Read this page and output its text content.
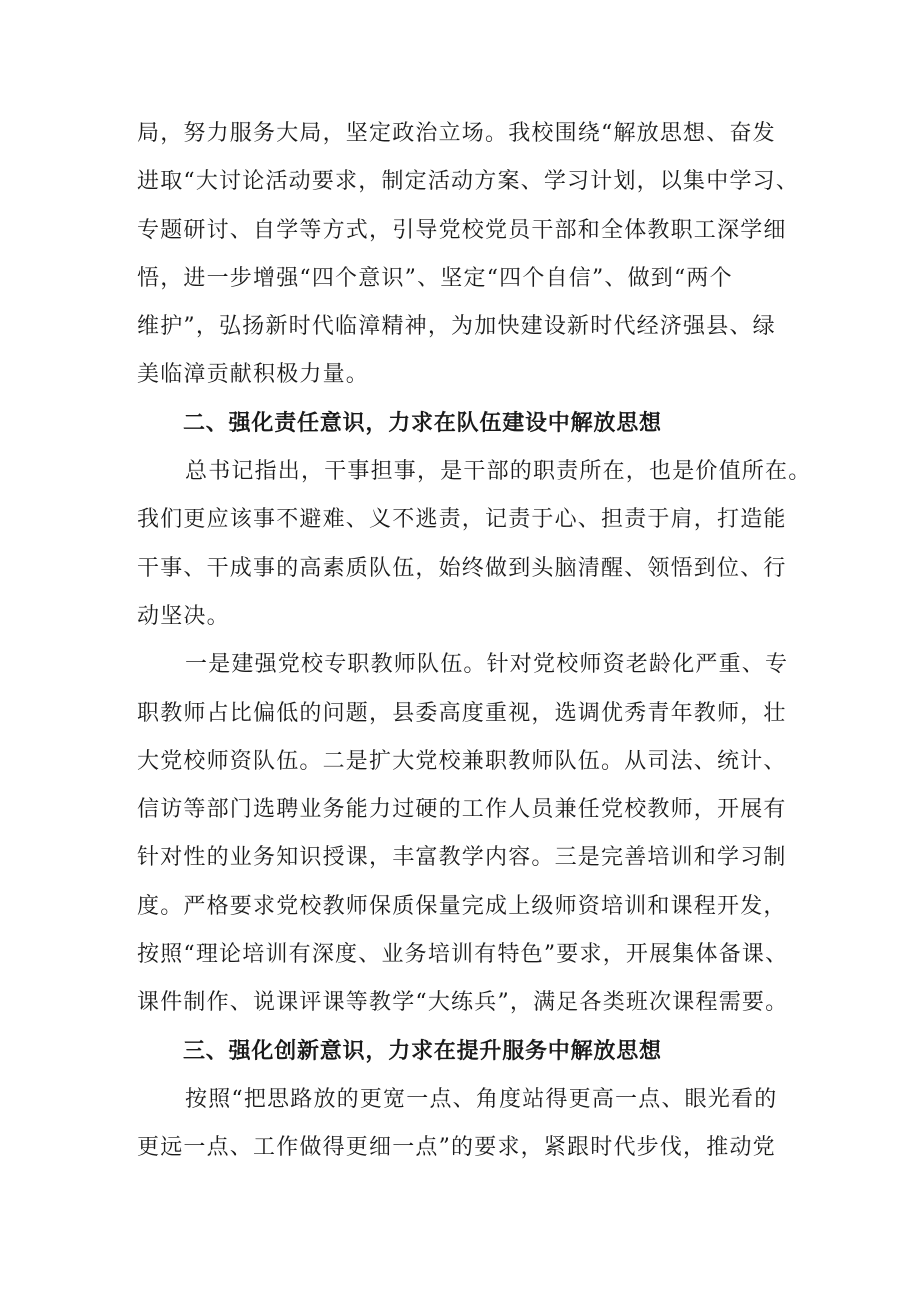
局，努力服务大局，坚定政治立场。我校围绕“解放思想、奋发
进取“大讨论活动要求，制定活动方案、学习计划，以集中学习、
专题研讨、自学等方式，引导党校党员干部和全体教职工深学细
悟，进一步增强“四个意识”、坚定“四个自信”、做到“两个
维护”，弘扬新时代临漳精神，为加快建设新时代经济强县、绿
美临漳贡献积极力量。
二、强化责任意识，力求在队伍建设中解放思想
总书记指出，干事担事，是干部的职责所在，也是价值所在。
我们更应该事不避难、义不逃责，记责于心、担责于肩，打造能
干事、干成事的高素质队伍，始终做到头脑清醒、领悟到位、行
动坚决。
一是建强党校专职教师队伍。针对党校师资老龄化严重、专
职教师占比偏低的问题，县委高度重视，选调优秀青年教师，壮
大党校师资队伍。二是扩大党校兼职教师队伍。从司法、统计、
信访等部门选聘业务能力过硬的工作人员兼任党校教师，开展有
针对性的业务知识授课，丰富教学内容。三是完善培训和学习制
度。严格要求党校教师保质保量完成上级师资培训和课程开发，
按照“理论培训有深度、业务培训有特色”要求，开展集体备课、
课件制作、说课评课等教学“大练兵”，满足各类班次课程需要。
三、强化创新意识，力求在提升服务中解放思想
按照“把思路放的更宽一点、角度站得更高一点、眼光看的
更远一点、工作做得更细一点”的要求，紧跟时代步伐，推动党
